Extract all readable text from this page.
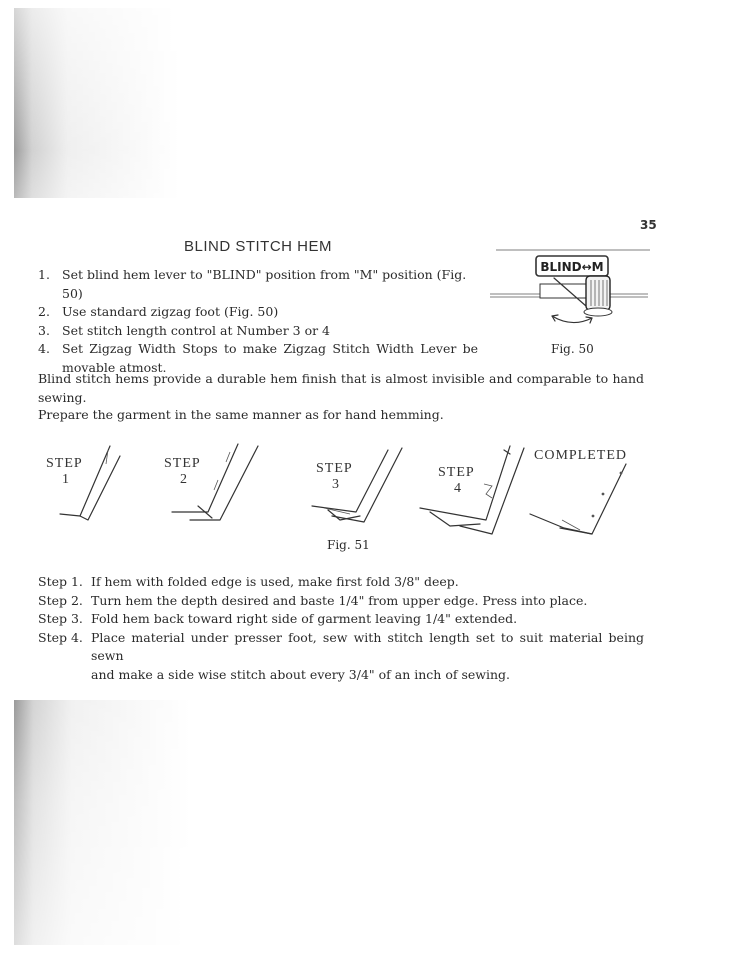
35
BLIND STITCH HEM
1. Set blind hem lever to "BLIND" position from "M" position (Fig. 50)
2. Use standard zigzag foot (Fig. 50)
3. Set stitch length control at Number 3 or 4
4. Set Zigzag Width Stops to make Zigzag Stitch Width Lever be
movable atmost.
BLIND↔M
Fig. 50

Blind stitch hems provide a durable hem finish that is almost invisible and comparable to hand
sewing.

Prepare the garment in the same manner as for hand hemming.

STEP
1
STEP
2
STEP
3
STEP
4
COMPLETED
Fig. 51
Step 1. If hem with folded edge is used, make first fold 3/8" deep.
Step 2. Turn hem the depth desired and baste 1/4" from upper edge. Press into place.
Step 3. Fold hem back toward right side of garment leaving 1/4" extended.
Step 4. Place material under presser foot, sew with stitch length set to suit material being sewn
and make a side wise stitch about every 3/4" of an inch of sewing.
